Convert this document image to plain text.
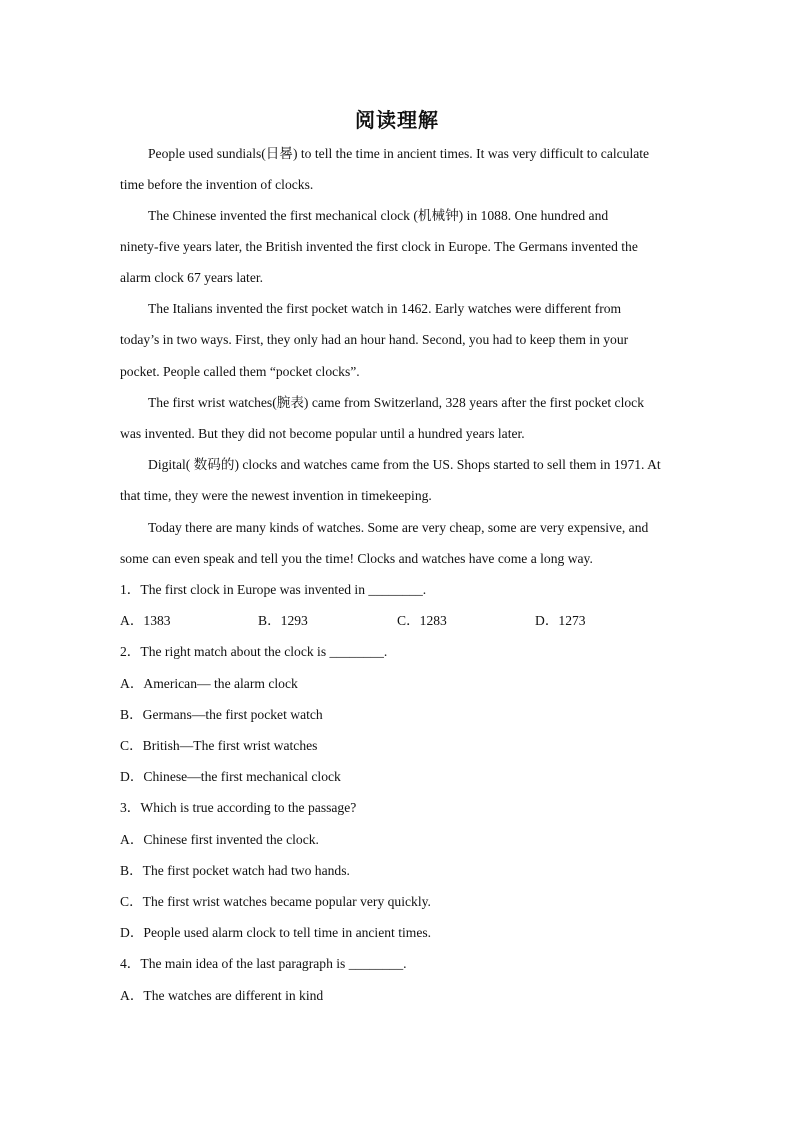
阅读理解
People used sundials(日晷) to tell the time in ancient times. It was very difficult to calculate
time before the invention of clocks.
The Chinese invented the first mechanical clock (机械钟) in 1088. One hundred and
ninety-five years later, the British invented the first clock in Europe. The Germans invented the
alarm clock 67 years later.
The Italians invented the first pocket watch in 1462. Early watches were different from
today’s in two ways. First, they only had an hour hand. Second, you had to keep them in your
pocket. People called them “pocket clocks”.
The first wrist watches(腕表) came from Switzerland, 328 years after the first pocket clock
was invented. But they did not become popular until a hundred years later.
Digital( 数码的) clocks and watches came from the US. Shops started to sell them in 1971. At
that time, they were the newest invention in timekeeping.
Today there are many kinds of watches. Some are very cheap, some are very expensive, and
some can even speak and tell you the time! Clocks and watches have come a long way.
1．The first clock in Europe was invented in ________.
A．1383	B．1293	C．1283	D．1273
2．The right match about the clock is ________.
A．American— the alarm clock
B．Germans—the first pocket watch
C．British—The first wrist watches
D．Chinese—the first mechanical clock
3．Which is true according to the passage?
A．Chinese first invented the clock.
B．The first pocket watch had two hands.
C．The first wrist watches became popular very quickly.
D．People used alarm clock to tell time in ancient times.
4．The main idea of the last paragraph is ________.
A．The watches are different in kind
